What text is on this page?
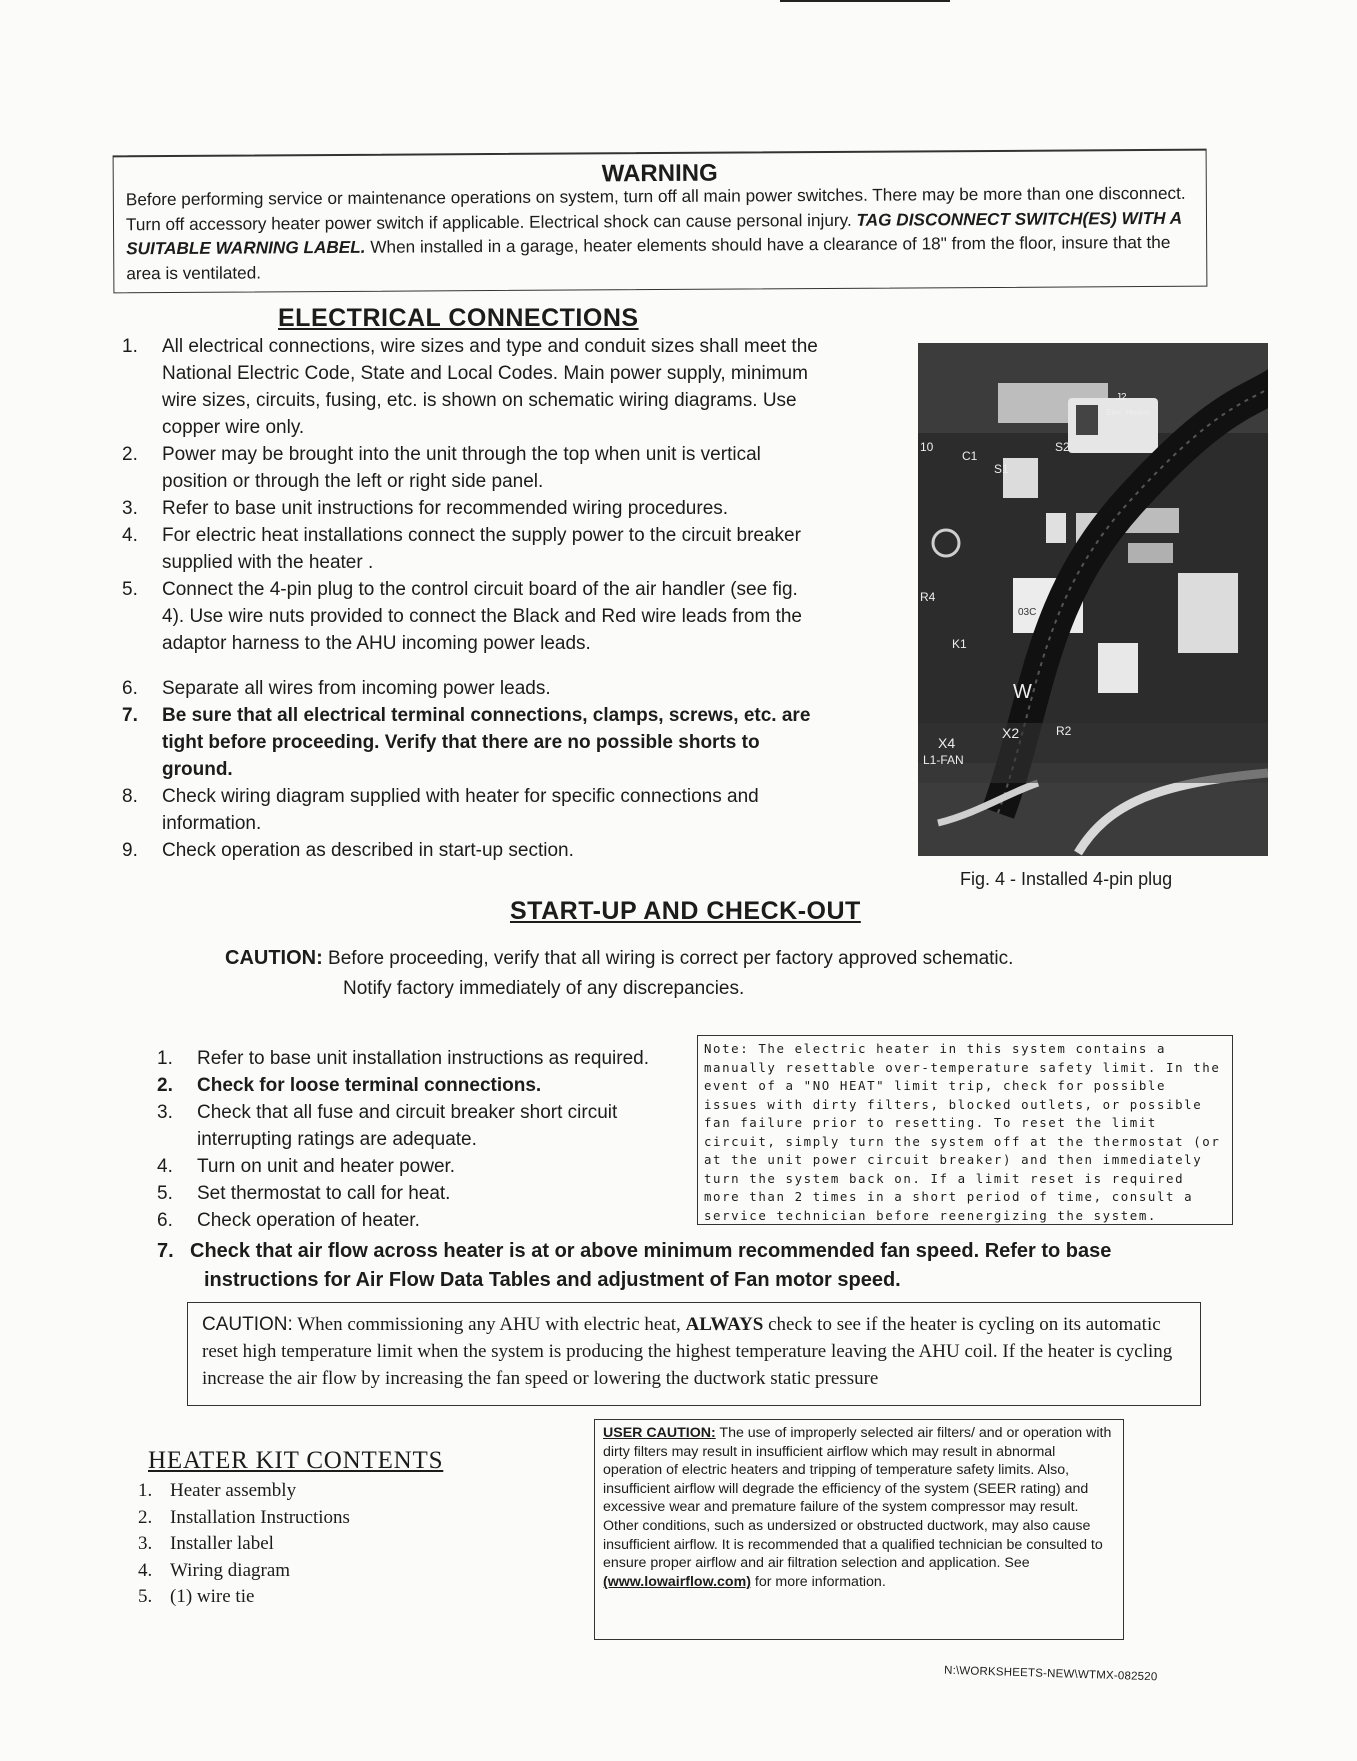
WARNING
Before performing service or maintenance operations on system, turn off all main power switches. There may be more than one disconnect. Turn off accessory heater power switch if applicable. Electrical shock can cause personal injury. TAG DISCONNECT SWITCH(ES) WITH A SUITABLE WARNING LABEL. When installed in a garage, heater elements should have a clearance of 18" from the floor, insure that the area is ventilated.
ELECTRICAL CONNECTIONS
1. All electrical connections, wire sizes and type and conduit sizes shall meet the National Electric Code, State and Local Codes. Main power supply, minimum wire sizes, circuits, fusing, etc. is shown on schematic wiring diagrams. Use copper wire only.
2. Power may be brought into the unit through the top when unit is vertical position or through the left or right side panel.
3. Refer to base unit instructions for recommended wiring procedures.
4. For electric heat installations connect the supply power to the circuit breaker supplied with the heater .
5. Connect the 4-pin plug to the control circuit board of the air handler (see fig. 4). Use wire nuts provided to connect the Black and Red wire leads from the adaptor harness to the AHU incoming power leads.
6. Separate all wires from incoming power leads.
7. Be sure that all electrical terminal connections, clamps, screws, etc. are tight before proceeding. Verify that there are no possible shorts to ground.
8. Check wiring diagram supplied with heater for specific connections and information.
9. Check operation as described in start-up section.
C1
S1
S2
10
R4
K1
W
X4
L1-FAN
X2	R2
Elec. Heater
J2
03C
Fig. 4 - Installed 4-pin plug
START-UP AND CHECK-OUT
CAUTION: Before proceeding, verify that all wiring is correct per factory approved schematic.
Notify factory immediately of any discrepancies.
1. Refer to base unit installation instructions as required.
2. Check for loose terminal connections.
3. Check that all fuse and circuit breaker short circuit interrupting ratings are adequate.
4. Turn on unit and heater power.
5. Set thermostat to call for heat.
6. Check operation of heater.
Note: The electric heater in this system contains a manually resettable over-temperature safety limit. In the event of a "NO HEAT" limit trip, check for possible issues with dirty filters, blocked outlets, or possible fan failure prior to resetting. To reset the limit circuit, simply turn the system off at the thermostat (or at the unit power circuit breaker) and then immediately turn the system back on. If a limit reset is required more than 2 times in a short period of time, consult a service technician before reenergizing the system.
7. Check that air flow across heater is at or above minimum recommended fan speed. Refer to base
instructions for Air Flow Data Tables and adjustment of Fan motor speed.
CAUTION: When commissioning any AHU with electric heat, ALWAYS check to see if the heater is cycling on its automatic reset high temperature limit when the system is producing the highest temperature leaving the AHU coil. If the heater is cycling increase the air flow by increasing the fan speed or lowering the ductwork static pressure
HEATER KIT CONTENTS
1. Heater assembly
2. Installation Instructions
3. Installer label
4. Wiring diagram
5. (1) wire tie
USER CAUTION: The use of improperly selected air filters/ and or operation with dirty filters may result in insufficient airflow which may result in abnormal operation of electric heaters and tripping of temperature safety limits. Also, insufficient airflow will degrade the efficiency of the system (SEER rating) and excessive wear and premature failure of the system compressor may result. Other conditions, such as undersized or obstructed ductwork, may also cause insufficient airflow. It is recommended that a qualified technician be consulted to ensure proper airflow and air filtration selection and application. See (www.lowairflow.com) for more information.
N:\WORKSHEETS-NEW\WTMX-082520
